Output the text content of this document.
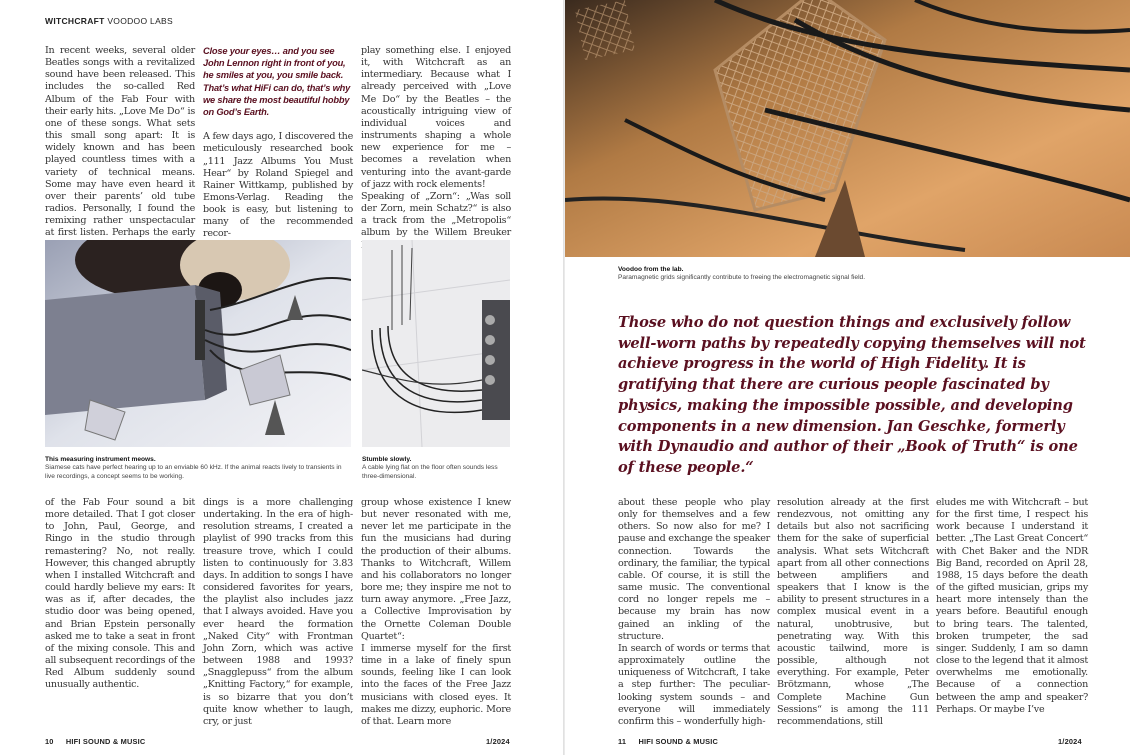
WITCHCRAFT VOODOO LABS

In recent weeks, several older Beatles songs with a revitalized sound have been released. This includes the so-called Red Album of the Fab Four with their early hits. „Love Me Do“ is one of these songs. What sets this small song apart: It is widely known and has been played countless times with a variety of technical means. Some may have even heard it over their parents’ old tube radios. Personally, I found the remixing rather unspectacular at first listen. Perhaps the early

Close your eyes… and you see John Lennon right in front of you, he smiles at you, you smile back. That’s what HiFi can do, that’s why we share the most beautiful hobby on God’s Earth.

A few days ago, I discovered the meticulously researched book „111 Jazz Albums You Must Hear“ by Roland Spiegel and Rainer Wittkamp, published by Emons-Verlag. Reading the book is easy, but listening to many of the recommended recor-

play something else. I enjoyed it, with Witchcraft as an intermediary. Because what I already perceived with „Love Me Do“ by the Beatles – the acoustically intriguing view of individual voices and instruments shaping a whole new experience for me – becomes a revelation when venturing into the avant-garde of jazz with rock elements!

Speaking of „Zorn“: „Was soll der Zorn, mein Schatz?“ is also a track from the „Metropolis“ album by the Willem Breuker

This measuring instrument meows.
Siamese cats have perfect hearing up to an enviable 60 kHz. If the animal reacts lively to transients in live recordings, a concept seems to be working.
Stumble slowly.
A cable lying flat on the floor often sounds less three-dimensional.

of the Fab Four sound a bit more detailed. That I got closer to John, Paul, George, and Ringo in the studio through remastering? No, not really. However, this changed abruptly when I installed Witchcraft and could hardly believe my ears: It was as if, after decades, the studio door was being opened, and Brian Epstein personally asked me to take a seat in front of the mixing console. This and all subsequent recordings of the Red Album suddenly sound unusually authentic.

dings is a more challenging undertaking. In the era of high-resolution streams, I created a playlist of 990 tracks from this treasure trove, which I could listen to continuously for 3.83 days. In addition to songs I have considered favorites for years, the playlist also includes jazz that I always avoided. Have you ever heard the formation „Naked City“ with Frontman John Zorn, which was active between 1988 and 1993? „Snagglepuss“ from the album „Knitting Factory,“ for example, is so bizarre that you don’t quite know whether to laugh, cry, or just

group whose existence I knew but never resonated with me, never let me participate in the fun the musicians had during the production of their albums. Thanks to Witchcraft, Willem and his collaborators no longer bore me; they inspire me not to turn away anymore. „Free Jazz, a Collective Improvisation by the Ornette Coleman Double Quartet“:

I immerse myself for the first time in a lake of finely spun sounds, feeling like I can look into the faces of the Free Jazz musicians with closed eyes. It makes me dizzy, euphoric. More of that. Learn more

10 HIFI SOUND & MUSIC	1/2024
Voodoo from the lab.
Paramagnetic grids significantly contribute to freeing the electromagnetic signal field.
Those who do not question things and exclusively follow well-worn paths by repeatedly copying themselves will not achieve progress in the world of High Fidelity. It is gratifying that there are curious people fascinated by physics, making the impossible possible, and developing components in a new dimension. Jan Geschke, formerly with Dynaudio and author of their „Book of Truth“ is one of these people.“

about these people who play only for themselves and a few others. So now also for me? I pause and exchange the speaker connection. Towards the ordinary, the familiar, the typical cable. Of course, it is still the same music. The conventional cord no longer repels me – because my brain has now gained an inkling of the structure.

In search of words or terms that approximately outline the uniqueness of Witchcraft, I take a step further: The peculiar-looking system sounds – and everyone will immediately confirm this – wonderfully high-

resolution already at the first rendezvous, not omitting any details but also not sacrificing them for the sake of superficial analysis. What sets Witchcraft apart from all other connections between amplifiers and speakers that I know is the ability to present structures in a complex musical event in a natural, unobtrusive, but penetrating way. With this acoustic tailwind, more is possible, although not everything. For example, Peter Brötzmann, whose „The Complete Machine Gun Sessions“ is among the 111 recommendations, still

eludes me with Witchcraft – but for the first time, I respect his work because I understand it better. „The Last Great Concert“ with Chet Baker and the NDR Big Band, recorded on April 28, 1988, 15 days before the death of the gifted musician, grips my heart more intensely than the years before. Beautiful enough to bring tears. The talented, broken trumpeter, the sad singer. Suddenly, I am so damn close to the legend that it almost overwhelms me emotionally. Because of a connection between the amp and speaker? Perhaps. Or maybe I’ve

11 HIFI SOUND & MUSIC	1/2024
